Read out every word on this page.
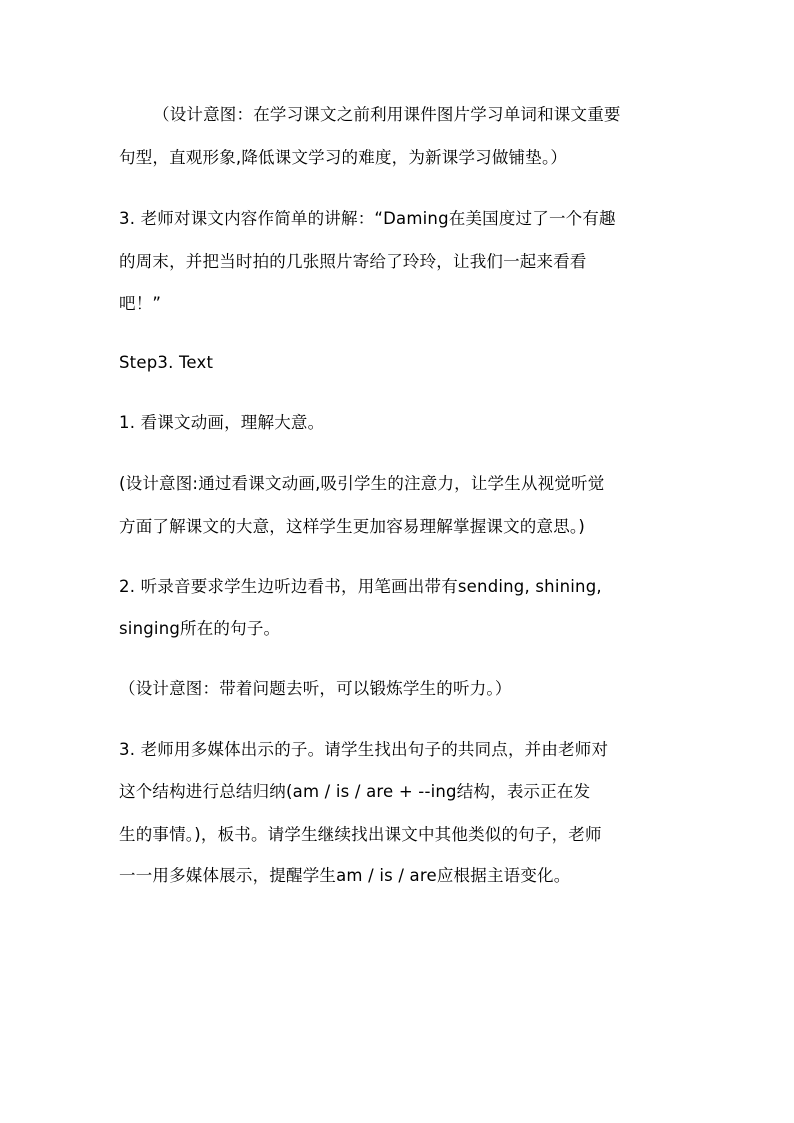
（设计意图：在学习课文之前利用课件图片学习单词和课文重要
句型，直观形象,降低课文学习的难度，为新课学习做铺垫。）
3. 老师对课文内容作简单的讲解：“Daming在美国度过了一个有趣
的周末，并把当时拍的几张照片寄给了玲玲，让我们一起来看看
吧！”
Step3. Text
1. 看课文动画，理解大意。
(设计意图:通过看课文动画,吸引学生的注意力，让学生从视觉听觉
方面了解课文的大意，这样学生更加容易理解掌握课文的意思。)
2. 听录音要求学生边听边看书，用笔画出带有sending, shining,
singing所在的句子。
（设计意图：带着问题去听，可以锻炼学生的听力。）
3. 老师用多媒体出示的子。请学生找出句子的共同点，并由老师对
这个结构进行总结归纳(am / is / are + --ing结构，表示正在发
生的事情。)，板书。请学生继续找出课文中其他类似的句子，老师
一一用多媒体展示，提醒学生am / is / are应根据主语变化。
